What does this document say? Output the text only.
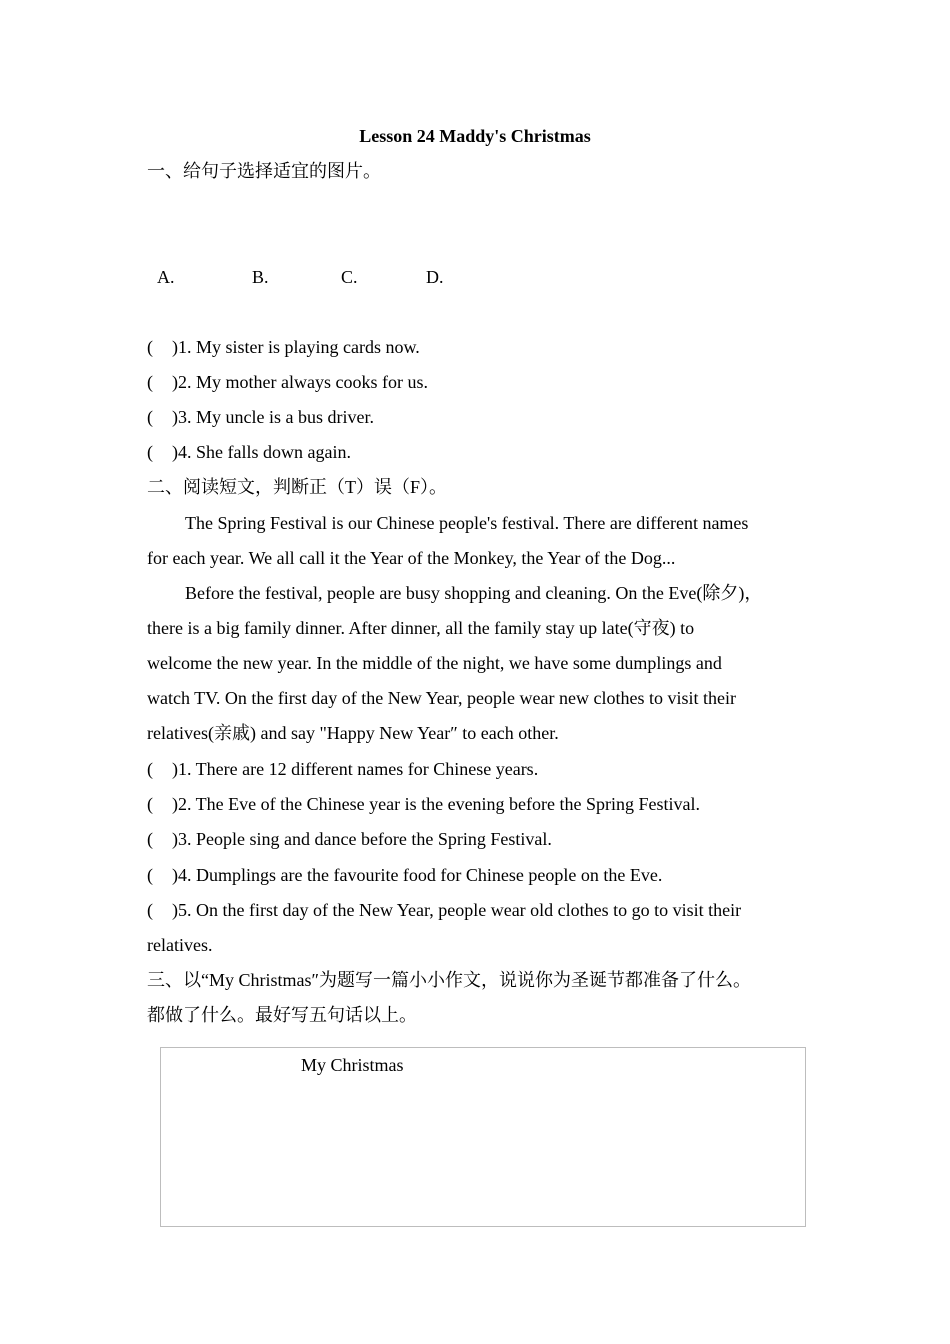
Lesson 24 Maddy's Christmas
一、给句子选择适宜的图片。
A.	B.	C.	D.
( )1. My sister is playing cards now.
( )2. My mother always cooks for us.
( )3. My uncle is a bus driver.
( )4. She falls down again.
二、阅读短文，判断正（T）误（F）。
The Spring Festival is our Chinese people's festival. There are different names
for each year. We all call it the Year of the Monkey, the Year of the Dog...
Before the festival, people are busy shopping and cleaning. On the Eve(除夕)，
there is a big family dinner. After dinner, all the family stay up late(守夜) to
welcome the new year. In the middle of the night, we have some dumplings and
watch TV. On the first day of the New Year, people wear new clothes to visit their
relatives(亲戚) and say "Happy New Year″ to each other.
( )1. There are 12 different names for Chinese years.
( )2. The Eve of the Chinese year is the evening before the Spring Festival.
( )3. People sing and dance before the Spring Festival.
( )4. Dumplings are the favourite food for Chinese people on the Eve.
( )5. On the first day of the New Year, people wear old clothes to go to visit their
relatives.
三、以“My Christmas″为题写一篇小小作文，说说你为圣诞节都准备了什么。
都做了什么。最好写五句话以上。
My Christmas
